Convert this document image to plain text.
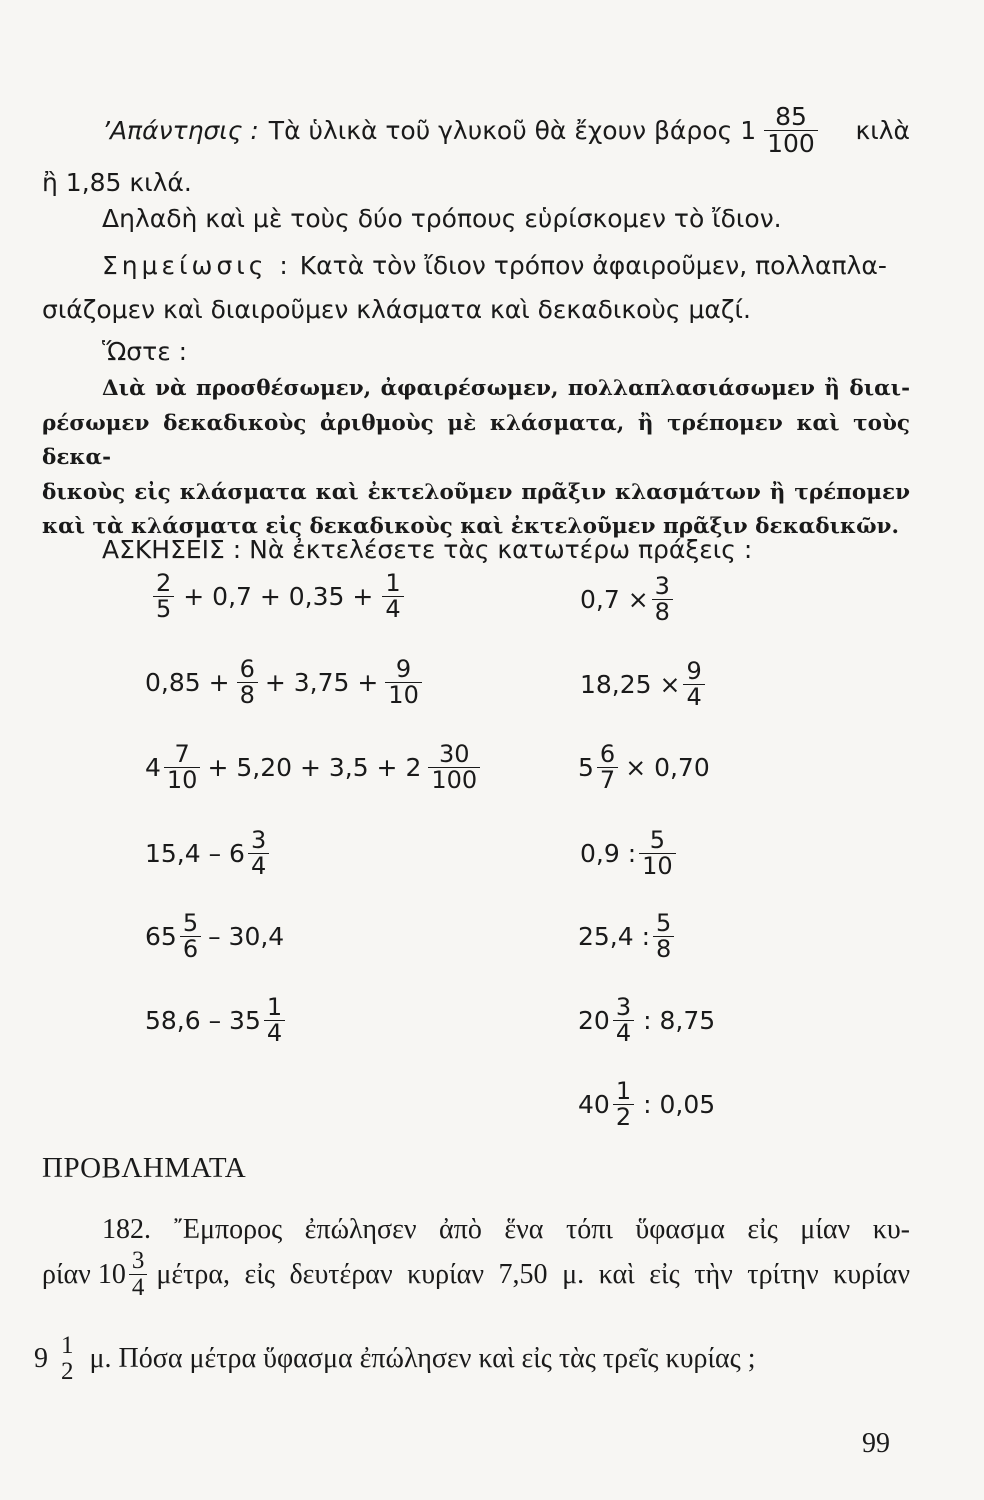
’Απάντησις : Τὰ ὑλικὰ τοῦ γλυκοῦ θὰ ἔχουν βάρος $1 \frac{85}{100}$ κιλὰ
ἢ 1,85 κιλά.
Δηλαδὴ καὶ μὲ τοὺς δύο τρόπους εὑρίσκομεν τὸ ἴδιον.
Σημείωσις : Κατὰ τὸν ἴδιον τρόπον ἀφαιροῦμεν, πολλαπλα-
σιάζομεν καὶ διαιροῦμεν κλάσματα καὶ δεκαδικοὺς μαζί.
Ὥστε :
Διὰ νὰ προσθέσωμεν, ἀφαιρέσωμεν, πολλαπλασιάσωμεν ἢ διαι-
ρέσωμεν δεκαδικοὺς ἀριθμοὺς μὲ κλάσματα, ἢ τρέπομεν καὶ τοὺς δεκα-
δικοὺς εἰς κλάσματα καὶ ἐκτελοῦμεν πρᾶξιν κλασμάτων ἢ τρέπομεν
καὶ τὰ κλάσματα εἰς δεκαδικοὺς καὶ ἐκτελοῦμεν πρᾶξιν δεκαδικῶν.
ΑΣΚΗΣΕΙΣ : Νὰ ἐκτελέσετε τὰς κατωτέρω πράξεις :
$\frac{2}{5} + 0,7 + 0,35 + \frac{1}{4}$
$0,85 + \frac{6}{8} + 3,75 + \frac{9}{10}$
$4 \frac{7}{10} + 5,20 + 3,5 + 2 \frac{30}{100}$
$15,4 - 6 \frac{3}{4}$
$65 \frac{5}{6} - 30,4$
$58,6 - 35 \frac{1}{4}$
$0,7 \times \frac{3}{8}$
$18,25 \times \frac{9}{4}$
$5 \frac{6}{7} \times 0,70$
0,9 : $\frac{5}{10}$
25,4 : $\frac{5}{8}$
$20 \frac{3}{4}$ : 8,75
$40 \frac{1}{2}$ : 0,05
ΠΡΟΒΛΗΜΑΤΑ
182. ῎Εμπορος ἐπώλησεν ἀπὸ ἕνα τόπι ὕφασμα εἰς μίαν κυ-
ρίαν $10 \frac{3}{4} \mu έ\tau\rho\alpha$, εἰς δευτέραν κυρίαν 7,50 μ. καὶ εἰς τὴν τρίτην κυρίαν
9 1
2 μ. Πόσα μέτρα ὕφασμα ἐπώλησεν καὶ εἰς τὰς τρεῖς κυρίας ;
99
